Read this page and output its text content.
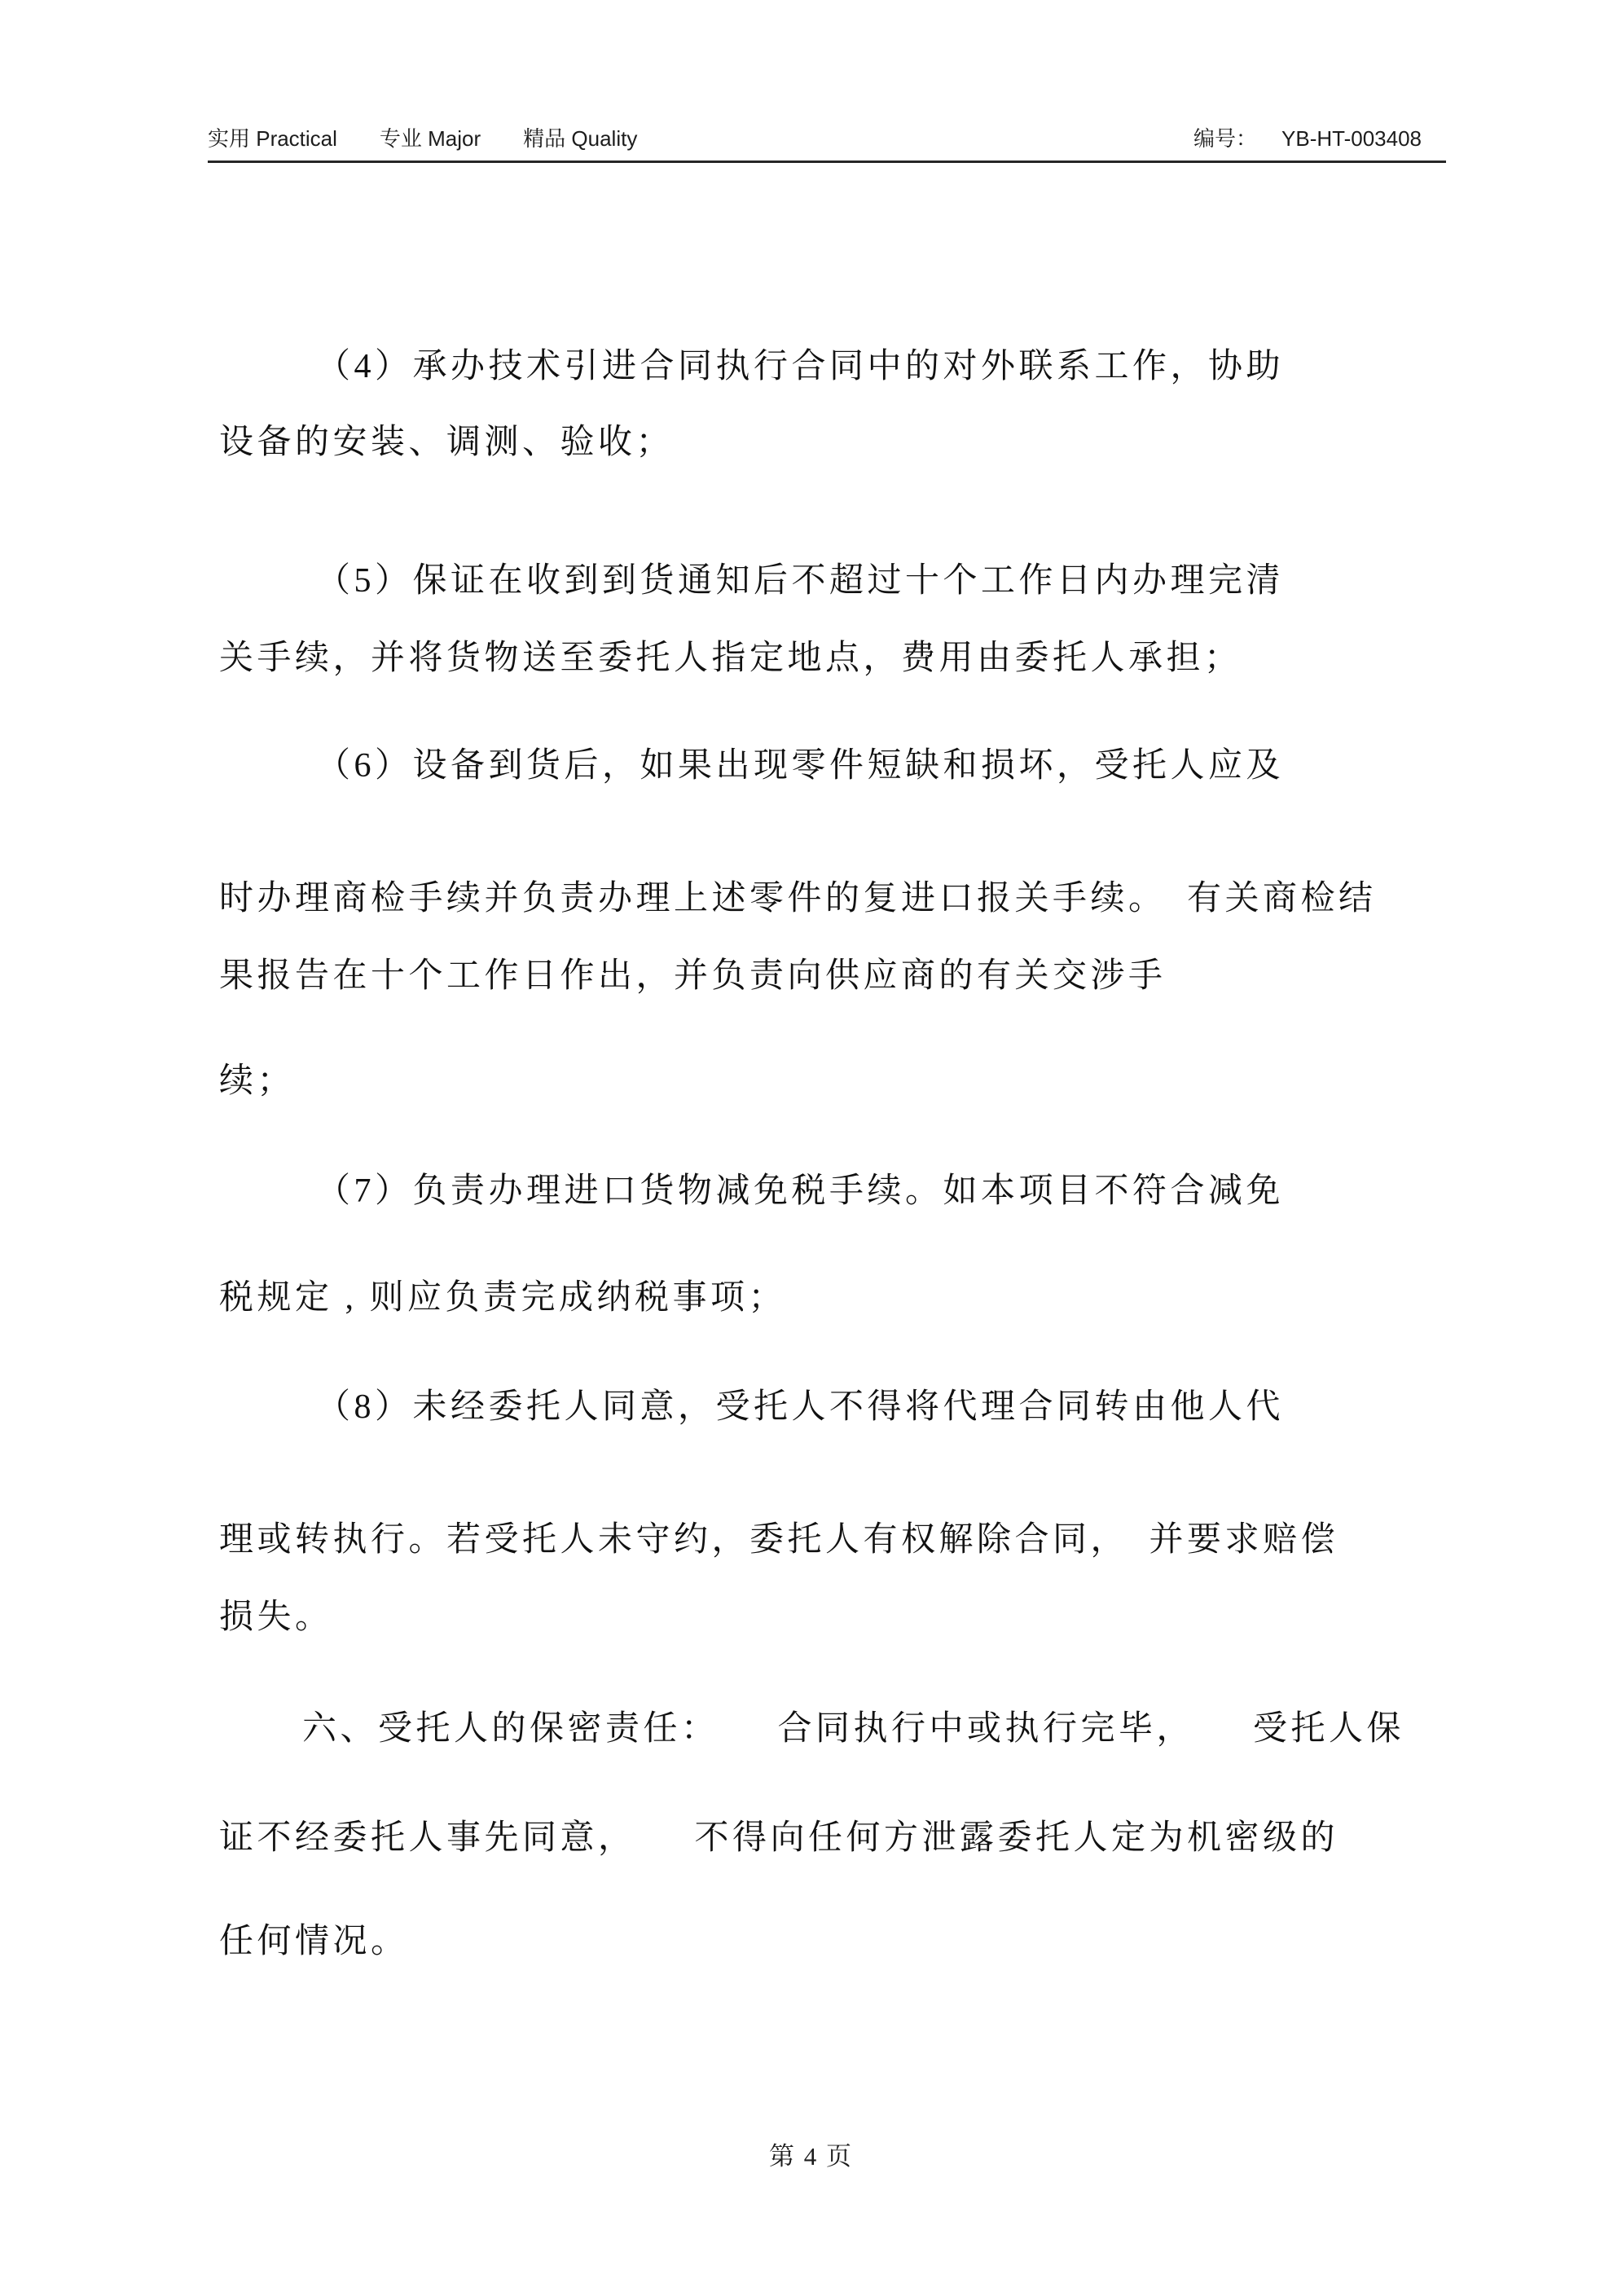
实用 Practical 专业 Major 精品 Quality	编号： YB-HT-003408
（4）承办技术引进合同执行合同中的对外联系工作，协助
设备的安装、调测、验收；
（5）保证在收到到货通知后不超过十个工作日内办理完清
关手续，并将货物送至委托人指定地点，费用由委托人承担；
（6）设备到货后，如果出现零件短缺和损坏，受托人应及
时办理商检手续并负责办理上述零件的复进口报关手续。　有关商检结
果报告在十个工作日作出，并负责向供应商的有关交涉手
续；
（7）负责办理进口货物减免税手续。如本项目不符合减免
税规定 , 则应负责完成纳税事项；
（8）未经委托人同意，受托人不得将代理合同转由他人代
理或转执行。若受托人未守约，委托人有权解除合同，　并要求赔偿
损失。
六、受托人的保密责任：　　合同执行中或执行完毕，　　受托人保
证不经委托人事先同意，　　不得向任何方泄露委托人定为机密级的
任何情况。
第 4 页
